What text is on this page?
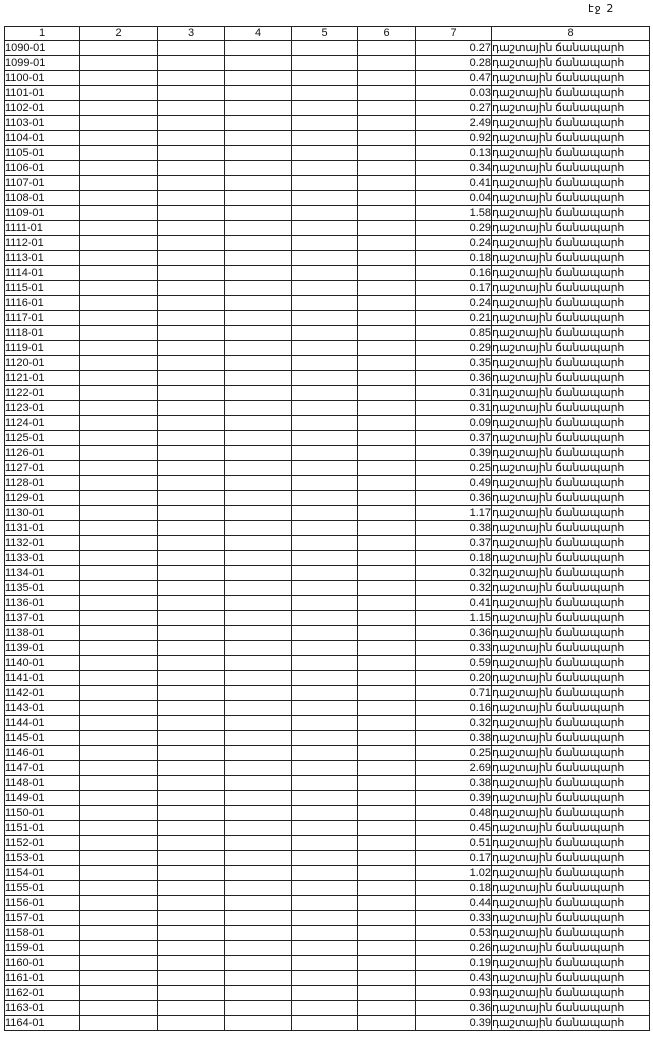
էջ 2
1	2	3	4	5	6	7	8
1090-01						0.27	դաշտային ճանապարհ
1099-01						0.28	դաշտային ճանապարհ
1100-01						0.47	դաշտային ճանապարհ
1101-01						0.03	դաշտային ճանապարհ
1102-01						0.27	դաշտային ճանապարհ
1103-01						2.49	դաշտային ճանապարհ
1104-01						0.92	դաշտային ճանապարհ
1105-01						0.13	դաշտային ճանապարհ
1106-01						0.34	դաշտային ճանապարհ
1107-01						0.41	դաշտային ճանապարհ
1108-01						0.04	դաշտային ճանապարհ
1109-01						1.58	դաշտային ճանապարհ
1111-01						0.29	դաշտային ճանապարհ
1112-01						0.24	դաշտային ճանապարհ
1113-01						0.18	դաշտային ճանապարհ
1114-01						0.16	դաշտային ճանապարհ
1115-01						0.17	դաշտային ճանապարհ
1116-01						0.24	դաշտային ճանապարհ
1117-01						0.21	դաշտային ճանապարհ
1118-01						0.85	դաշտային ճանապարհ
1119-01						0.29	դաշտային ճանապարհ
1120-01						0.35	դաշտային ճանապարհ
1121-01						0.36	դաշտային ճանապարհ
1122-01						0.31	դաշտային ճանապարհ
1123-01						0.31	դաշտային ճանապարհ
1124-01						0.09	դաշտային ճանապարհ
1125-01						0.37	դաշտային ճանապարհ
1126-01						0.39	դաշտային ճանապարհ
1127-01						0.25	դաշտային ճանապարհ
1128-01						0.49	դաշտային ճանապարհ
1129-01						0.36	դաշտային ճանապարհ
1130-01						1.17	դաշտային ճանապարհ
1131-01						0.38	դաշտային ճանապարհ
1132-01						0.37	դաշտային ճանապարհ
1133-01						0.18	դաշտային ճանապարհ
1134-01						0.32	դաշտային ճանապարհ
1135-01						0.32	դաշտային ճանապարհ
1136-01						0.41	դաշտային ճանապարհ
1137-01						1.15	դաշտային ճանապարհ
1138-01						0.36	դաշտային ճանապարհ
1139-01						0.33	դաշտային ճանապարհ
1140-01						0.59	դաշտային ճանապարհ
1141-01						0.20	դաշտային ճանապարհ
1142-01						0.71	դաշտային ճանապարհ
1143-01						0.16	դաշտային ճանապարհ
1144-01						0.32	դաշտային ճանապարհ
1145-01						0.38	դաշտային ճանապարհ
1146-01						0.25	դաշտային ճանապարհ
1147-01						2.69	դաշտային ճանապարհ
1148-01						0.38	դաշտային ճանապարհ
1149-01						0.39	դաշտային ճանապարհ
1150-01						0.48	դաշտային ճանապարհ
1151-01						0.45	դաշտային ճանապարհ
1152-01						0.51	դաշտային ճանապարհ
1153-01						0.17	դաշտային ճանապարհ
1154-01						1.02	դաշտային ճանապարհ
1155-01						0.18	դաշտային ճանապարհ
1156-01						0.44	դաշտային ճանապարհ
1157-01						0.33	դաշտային ճանապարհ
1158-01						0.53	դաշտային ճանապարհ
1159-01						0.26	դաշտային ճանապարհ
1160-01						0.19	դաշտային ճանապարհ
1161-01						0.43	դաշտային ճանապարհ
1162-01						0.93	դաշտային ճանապարհ
1163-01						0.36	դաշտային ճանապարհ
1164-01						0.39	դաշտային ճանապարհ
